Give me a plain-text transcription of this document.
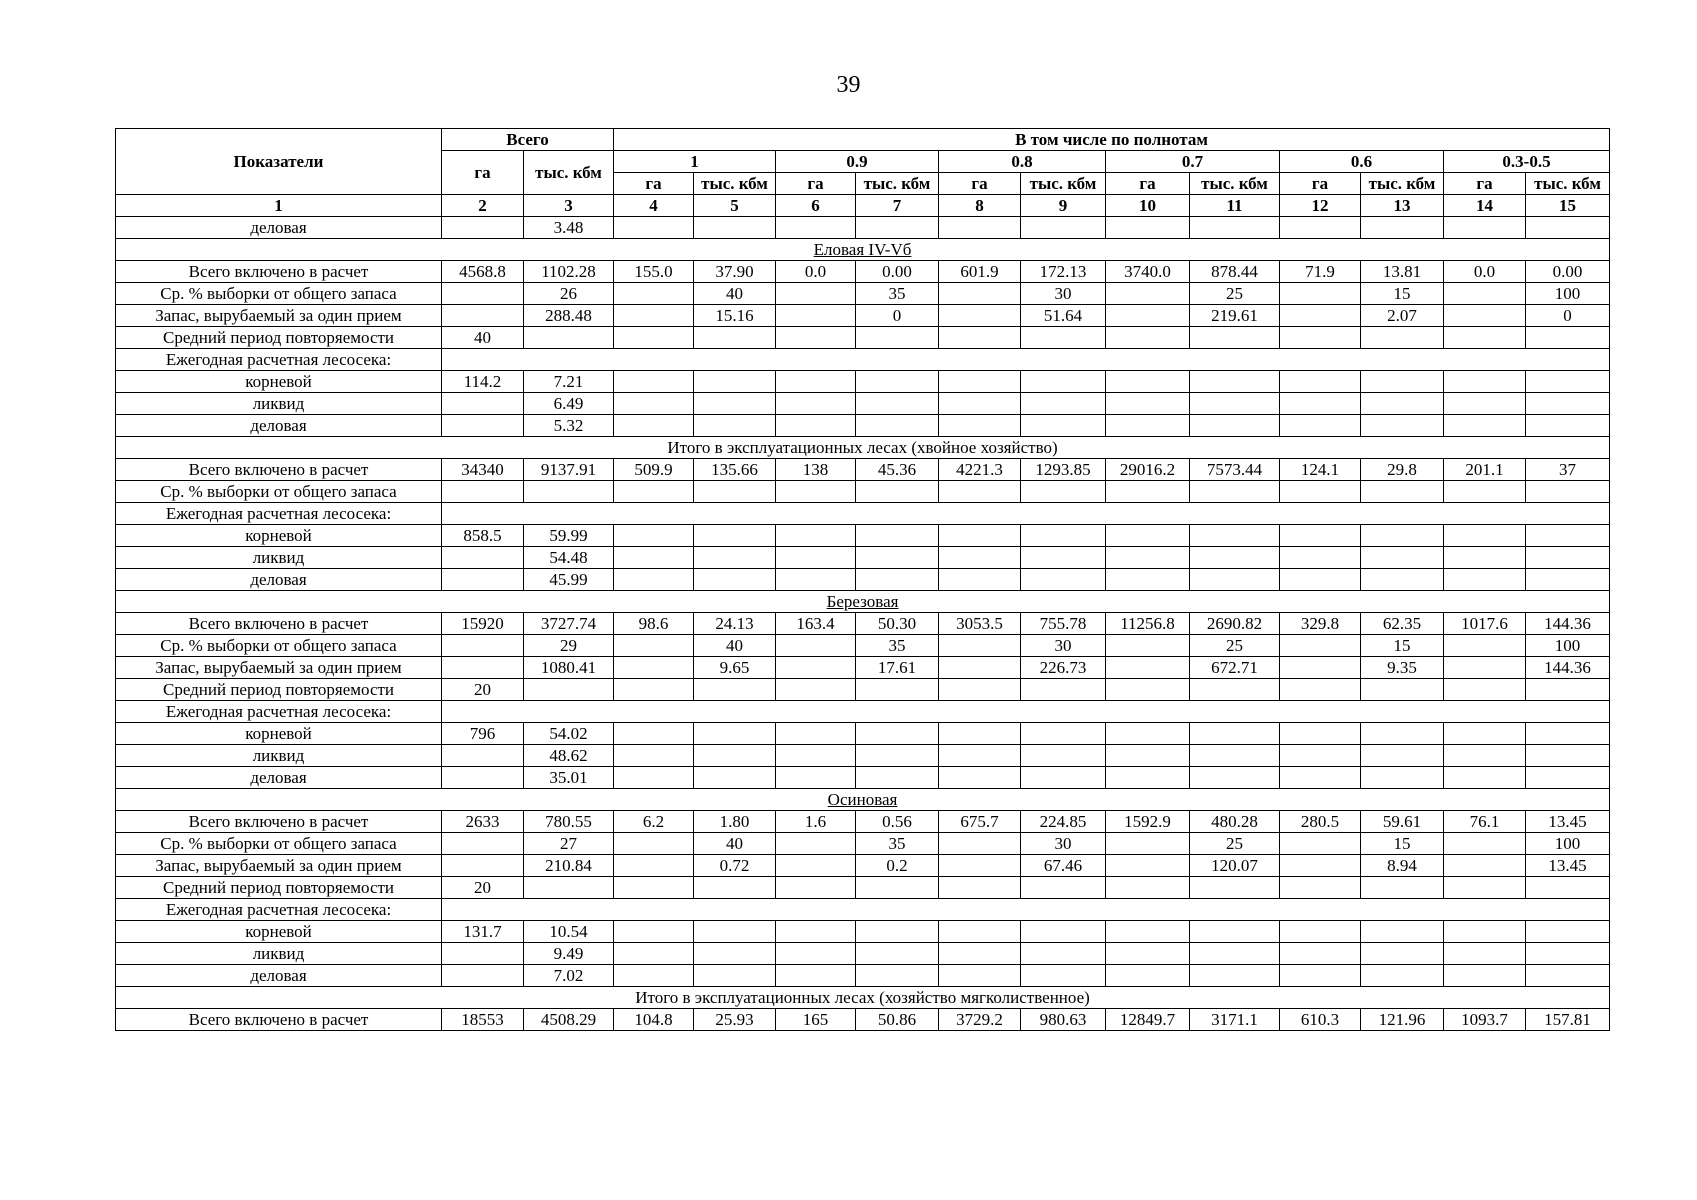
39
Показатели	Всего		В том числе по полнотам											
	га	тыс. кбм	1		0.9		0.8		0.7		0.6		0.3-0.5	
			га	тыс. кбм	га	тыс. кбм	га	тыс. кбм	га	тыс. кбм	га	тыс. кбм	га	тыс. кбм
1	2	3	4	5	6	7	8	9	10	11	12	13	14	15
деловая		3.48												
Еловая IV-Vб														
Всего включено в расчет	4568.8	1102.28	155.0	37.90	0.0	0.00	601.9	172.13	3740.0	878.44	71.9	13.81	0.0	0.00
Ср. % выборки от общего запаса		26		40		35		30		25		15		100
Запас, вырубаемый за один прием		288.48		15.16		0		51.64		219.61		2.07		0
Средний период повторяемости	40													
Ежегодная расчетная лесосека:														
корневой	114.2	7.21												
ликвид		6.49												
деловая		5.32												
Итого в эксплуатационных лесах (хвойное хозяйство)														
Всего включено в расчет	34340	9137.91	509.9	135.66	138	45.36	4221.3	1293.85	29016.2	7573.44	124.1	29.8	201.1	37
Ср. % выборки от общего запаса														
Ежегодная расчетная лесосека:														
корневой	858.5	59.99												
ликвид		54.48												
деловая		45.99												
Березовая														
Всего включено в расчет	15920	3727.74	98.6	24.13	163.4	50.30	3053.5	755.78	11256.8	2690.82	329.8	62.35	1017.6	144.36
Ср. % выборки от общего запаса		29		40		35		30		25		15		100
Запас, вырубаемый за один прием		1080.41		9.65		17.61		226.73		672.71		9.35		144.36
Средний период повторяемости	20													
Ежегодная расчетная лесосека:														
корневой	796	54.02												
ликвид		48.62												
деловая		35.01												
Осиновая														
Всего включено в расчет	2633	780.55	6.2	1.80	1.6	0.56	675.7	224.85	1592.9	480.28	280.5	59.61	76.1	13.45
Ср. % выборки от общего запаса		27		40		35		30		25		15		100
Запас, вырубаемый за один прием		210.84		0.72		0.2		67.46		120.07		8.94		13.45
Средний период повторяемости	20													
Ежегодная расчетная лесосека:														
корневой	131.7	10.54												
ликвид		9.49												
деловая		7.02												
Итого в эксплуатационных лесах (хозяйство мягколиственное)														
Всего включено в расчет	18553	4508.29	104.8	25.93	165	50.86	3729.2	980.63	12849.7	3171.1	610.3	121.96	1093.7	157.81
